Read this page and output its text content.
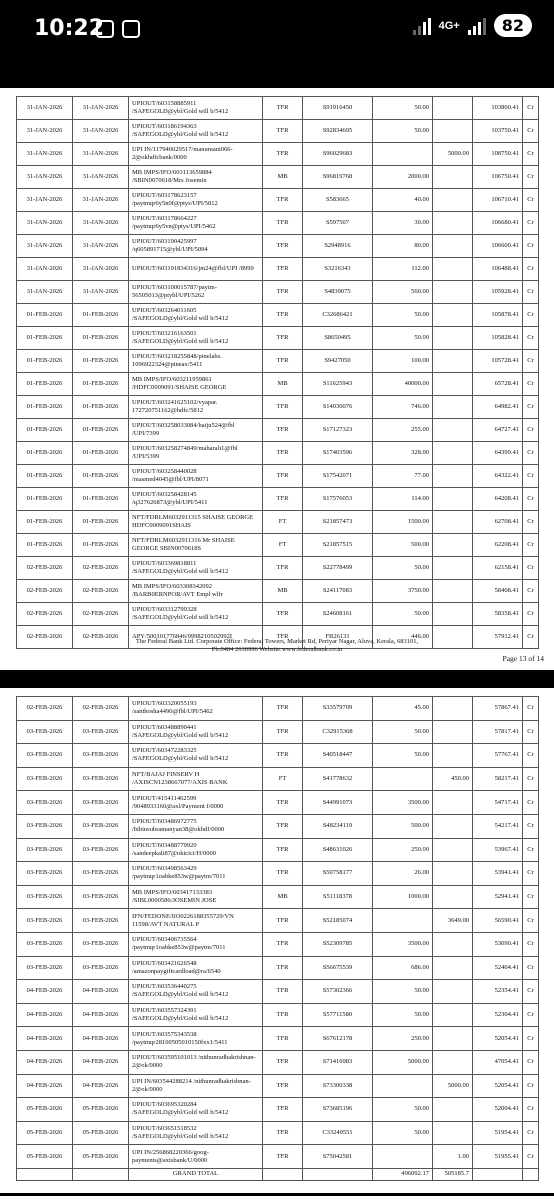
10:22	4G+	82
31-JAN-2026	31-JAN-2026	UPIOUT/603158885911 /SAFEGOLD@ybl/Gold will b/5412	TFR	S91916450	50.00		103800.41	Cr
31-JAN-2026	31-JAN-2026	UPIOUT/603186194363 /SAFEGOLD@ybl/Gold will b/5412	TFR	S92834695	50.00		103750.41	Cr
31-JAN-2026	31-JAN-2026	UPI IN/117940029517/manumani066-2@okhdfcbank/0000	TFR	S96029683		5000.00	108750.41	Cr
31-JAN-2026	31-JAN-2026	MB IMPS/IFO/603113659884 /SBIN0070618/Mrs Josemin	MB	S96819768	2000.00		106750.41	Cr
31-JAN-2026	31-JAN-2026	UPIOUT/603178623157 /paytmqr6y5n0f@ptys/UPI/5812	TFR	S583665	40.00		106710.41	Cr
31-JAN-2026	31-JAN-2026	UPIOUT/603178664227 /paytmqr6y5vn@ptys/UPI/5462	TFR	S597507	30.00		106680.41	Cr
31-JAN-2026	31-JAN-2026	UPIOUT/603190425997 /q605891715@ybl/UPI/5094	TFR	S2948916	80.00		106600.41	Cr
31-JAN-2026	31-JAN-2026	UPIOUT/603191834316/jm24@fbl/UPI /8999	TFR	S3216343	112.00		106488.41	Cr
31-JAN-2026	31-JAN-2026	UPIOUT/603100015787/paytm-56505013@ptybl/UPI/5262	TFR	S4839075	560.00		105928.41	Cr
01-FEB-2026	01-FEB-2026	UPIOUT/603264011605 /SAFEGOLD@ybl/Gold will b/5412	TFR	C32686421	50.00		105878.41	Cr
01-FEB-2026	01-FEB-2026	UPIOUT/603216163501 /SAFEGOLD@ybl/Gold will b/5412	TFR	S8650495	50.00		105828.41	Cr
01-FEB-2026	01-FEB-2026	UPIOUT/603218255848/pinelabs. 1096922324@pineax/5411	TFR	S9427050	100.00		105728.41	Cr
01-FEB-2026	01-FEB-2026	MB IMPS/IFO/603211959861 /HDFC0009091/SHAISE GEORGE	MB	S11625943	40000.00		65728.41	Cr
01-FEB-2026	01-FEB-2026	UPIOUT/603241625102/vyapar. 172720751162@hdfc/5812	TFR	S14030076	746.00		64982.41	Cr
01-FEB-2026	01-FEB-2026	UPIOUT/603258033084/baiju524@fbl /UPI/7399	TFR	S17127323	255.00		64727.41	Cr
01-FEB-2026	01-FEB-2026	UPIOUT/603258274849/maharali1@fbl /UPI/5399	TFR	S17403596	328.00		64399.41	Cr
01-FEB-2026	01-FEB-2026	UPIOUT/603258440028 /masmed4045@fbl/UPI/8071	TFR	S17542071	77.00		64322.41	Cr
01-FEB-2026	01-FEB-2026	UPIOUT/603258428145 /q327626873@ybl/UPI/5411	TFR	S17576053	114.00		64208.41	Cr
01-FEB-2026	01-FEB-2026	NFT/FDRLM6032911315 SHAISE GEORGE HDFC0009091SHAIS	FT	S21857473	1500.00		62708.41	Cr
01-FEB-2026	01-FEB-2026	NFT/FDRLM6032911316 Mr SHAISE GEORGE SBIN0070618S	FT	S21857515	500.00		62208.41	Cr
02-FEB-2026	02-FEB-2026	UPIOUT/603369818811 /SAFEGOLD@ybl/Gold will b/5412	TFR	S22778499	50.00		62158.41	Cr
02-FEB-2026	02-FEB-2026	MB IMPS/IFO/603308342092 /BARB0ERNPOR/AVT Empl wlfr	MB	S24117083	3750.00		58408.41	Cr
02-FEB-2026	02-FEB-2026	UPIOUT/603312799328 /SAFEGOLD@ybl/Gold will b/5412	TFR	S24608161	50.00		58358.41	Cr
02-FEB-2026	02-FEB-2026	APY/500101776846/9998210502992I	TFR	FB26131	446.00		57912.41	Cr
The Federal Bank Ltd. Corporate Office: Federal Towers, Market Rd, Periyar Nagar, Aluva, Kerala, 683101,
Ph:0484 2630996 Website:www.federalbank.co.in
Page 13 of 14
02-FEB-2026	02-FEB-2026	UPIOUT/603320055193 /santhosha4490@fbl/UPI/5462	TFR	S33579709	45.00		57867.41	Cr
03-FEB-2026	03-FEB-2026	UPIOUT/603488890441 /SAFEGOLD@ybl/Gold will b/5412	TFR	C32915368	50.00		57817.41	Cr
03-FEB-2026	03-FEB-2026	UPIOUT/603472283325 /SAFEGOLD@ybl/Gold will b/5412	TFR	S40518447	50.00		57767.41	Cr
03-FEB-2026	03-FEB-2026	NFT/BAJAJ FINSERV H /AXISCN1238667077/AXIS BANK	FT	S41778632		450.00	58217.41	Cr
03-FEB-2026	03-FEB-2026	UPIOUT/415411462599 /9048933160@axl/Payment f/0000	TFR	S44991073	3500.00		54717.41	Cr
03-FEB-2026	03-FEB-2026	UPIOUT/603486972775 /bibinsubramanyan38@okhdf/0000	TFR	S48234119	500.00		54217.41	Cr
03-FEB-2026	03-FEB-2026	UPIOUT/603488779920 /sandeepkali87@okicici/H/0000	TFR	S48631026	250.00		53967.41	Cr
03-FEB-2026	03-FEB-2026	UPIOUT/603498563429 /paytmqr1oabke853w@paytm/7011	TFR	S50758177	26.00		53941.41	Cr
03-FEB-2026	03-FEB-2026	MB IMPS/IFO/603417133383 /SIBL0000586/JOSEMIN JOSE	MB	S51118378	1000.00		52941.41	Cr
03-FEB-2026	03-FEB-2026	IFN/FEDONE/I030226188355729/VN 11598/AVT NATURAL P	TFR	S52185074		3649.00	56590.41	Cr
03-FEB-2026	03-FEB-2026	UPIOUT/603406735564 /paytmqr1oabke853w@paytm/7011	TFR	S52309785	3500.00		53090.41	Cr
03-FEB-2026	03-FEB-2026	UPIOUT/603421626548 /amazonpaygiftcardload@ra/6540	TFR	S56675539	686.00		52404.41	Cr
04-FEB-2026	04-FEB-2026	UPIOUT/603536440275 /SAFEGOLD@ybl/Gold will b/5412	TFR	S57302366	50.00		52354.41	Cr
04-FEB-2026	04-FEB-2026	UPIOUT/603557324391 /SAFEGOLD@ybl/Gold will b/5412	TFR	S57711580	50.00		52304.41	Cr
04-FEB-2026	04-FEB-2026	UPIOUT/603575343538 /paytmqr28100505010150fxx1/5411	TFR	S67612178	250.00		52054.41	Cr
04-FEB-2026	04-FEB-2026	UPIOUT/603595101013 /nithunradhakrishnan-2@ok/0000	TFR	S71416983	5000.00		47054.41	Cr
04-FEB-2026	04-FEB-2026	UPI IN/603544288214 /nithunradhakrishnan-2@ok/0000	TFR	S73300338		5000.00	52054.41	Cr
05-FEB-2026	05-FEB-2026	UPIOUT/603695320284 /SAFEGOLD@ybl/Gold will b/5412	TFR	S73685196	50.00		52004.41	Cr
05-FEB-2026	05-FEB-2026	UPIOUT/603651518532 /SAFEGOLD@ybl/Gold will b/5412	TFR	C33249551	50.00		51954.41	Cr
05-FEB-2026	05-FEB-2026	UPI IN/256868220366/goog-payments@axisbank/U/0000	TFR	S75042581		1.00	51955.41	Cr
		GRAND TOTAL			496092.17	505185.7		
